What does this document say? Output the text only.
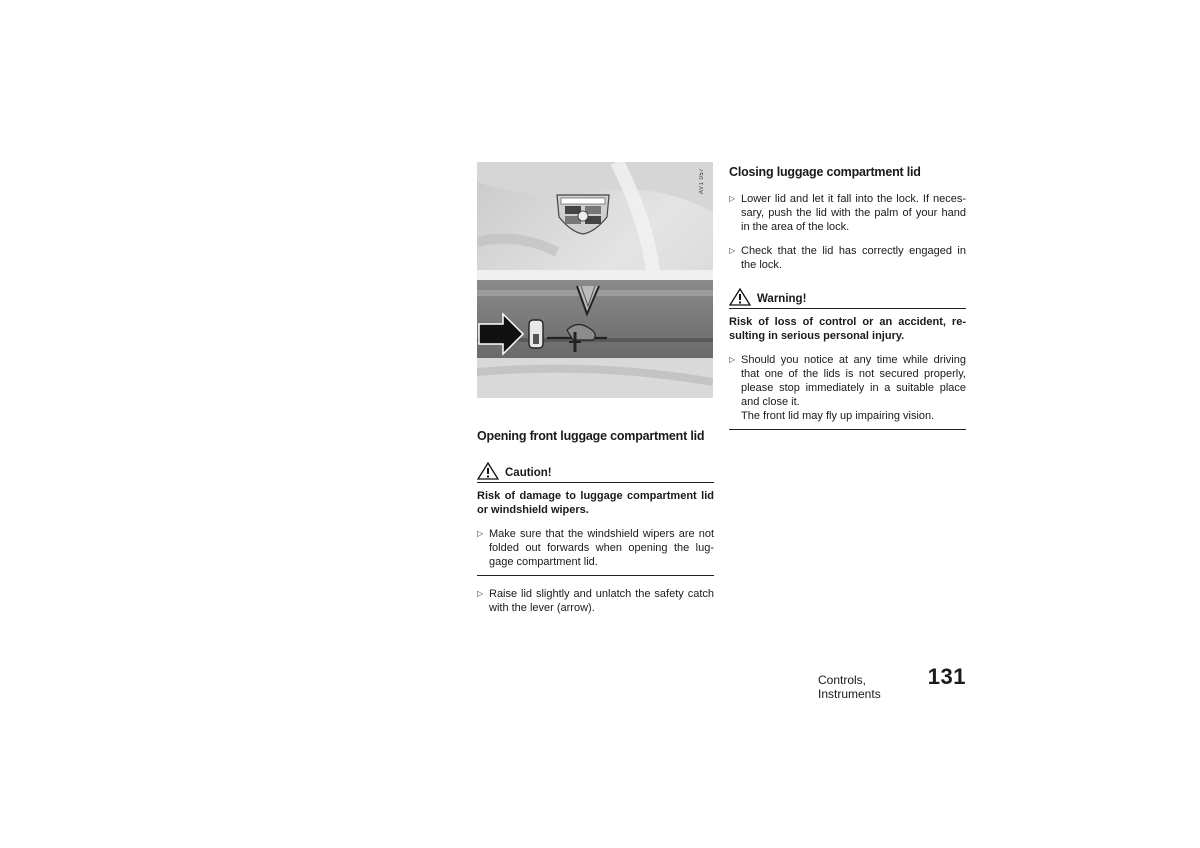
AV1 057
Opening front luggage compartment lid
Caution!

Risk of damage to luggage compartment lid or windshield wipers.

▷ Make sure that the windshield wipers are not folded out forwards when opening the lug-gage compartment lid.
▷ Raise lid slightly and unlatch the safety catch with the lever (arrow).
Closing luggage compartment lid
▷ Lower lid and let it fall into the lock. If neces-sary, push the lid with the palm of your hand in the area of the lock.
▷ Check that the lid has correctly engaged in the lock.
Warning!

Risk of loss of control or an accident, re-sulting in serious personal injury.

▷ Should you notice at any time while driving that one of the lids is not secured properly, please stop immediately in a suitable place and close it.
The front lid may fly up impairing vision.
Controls, Instruments
131
